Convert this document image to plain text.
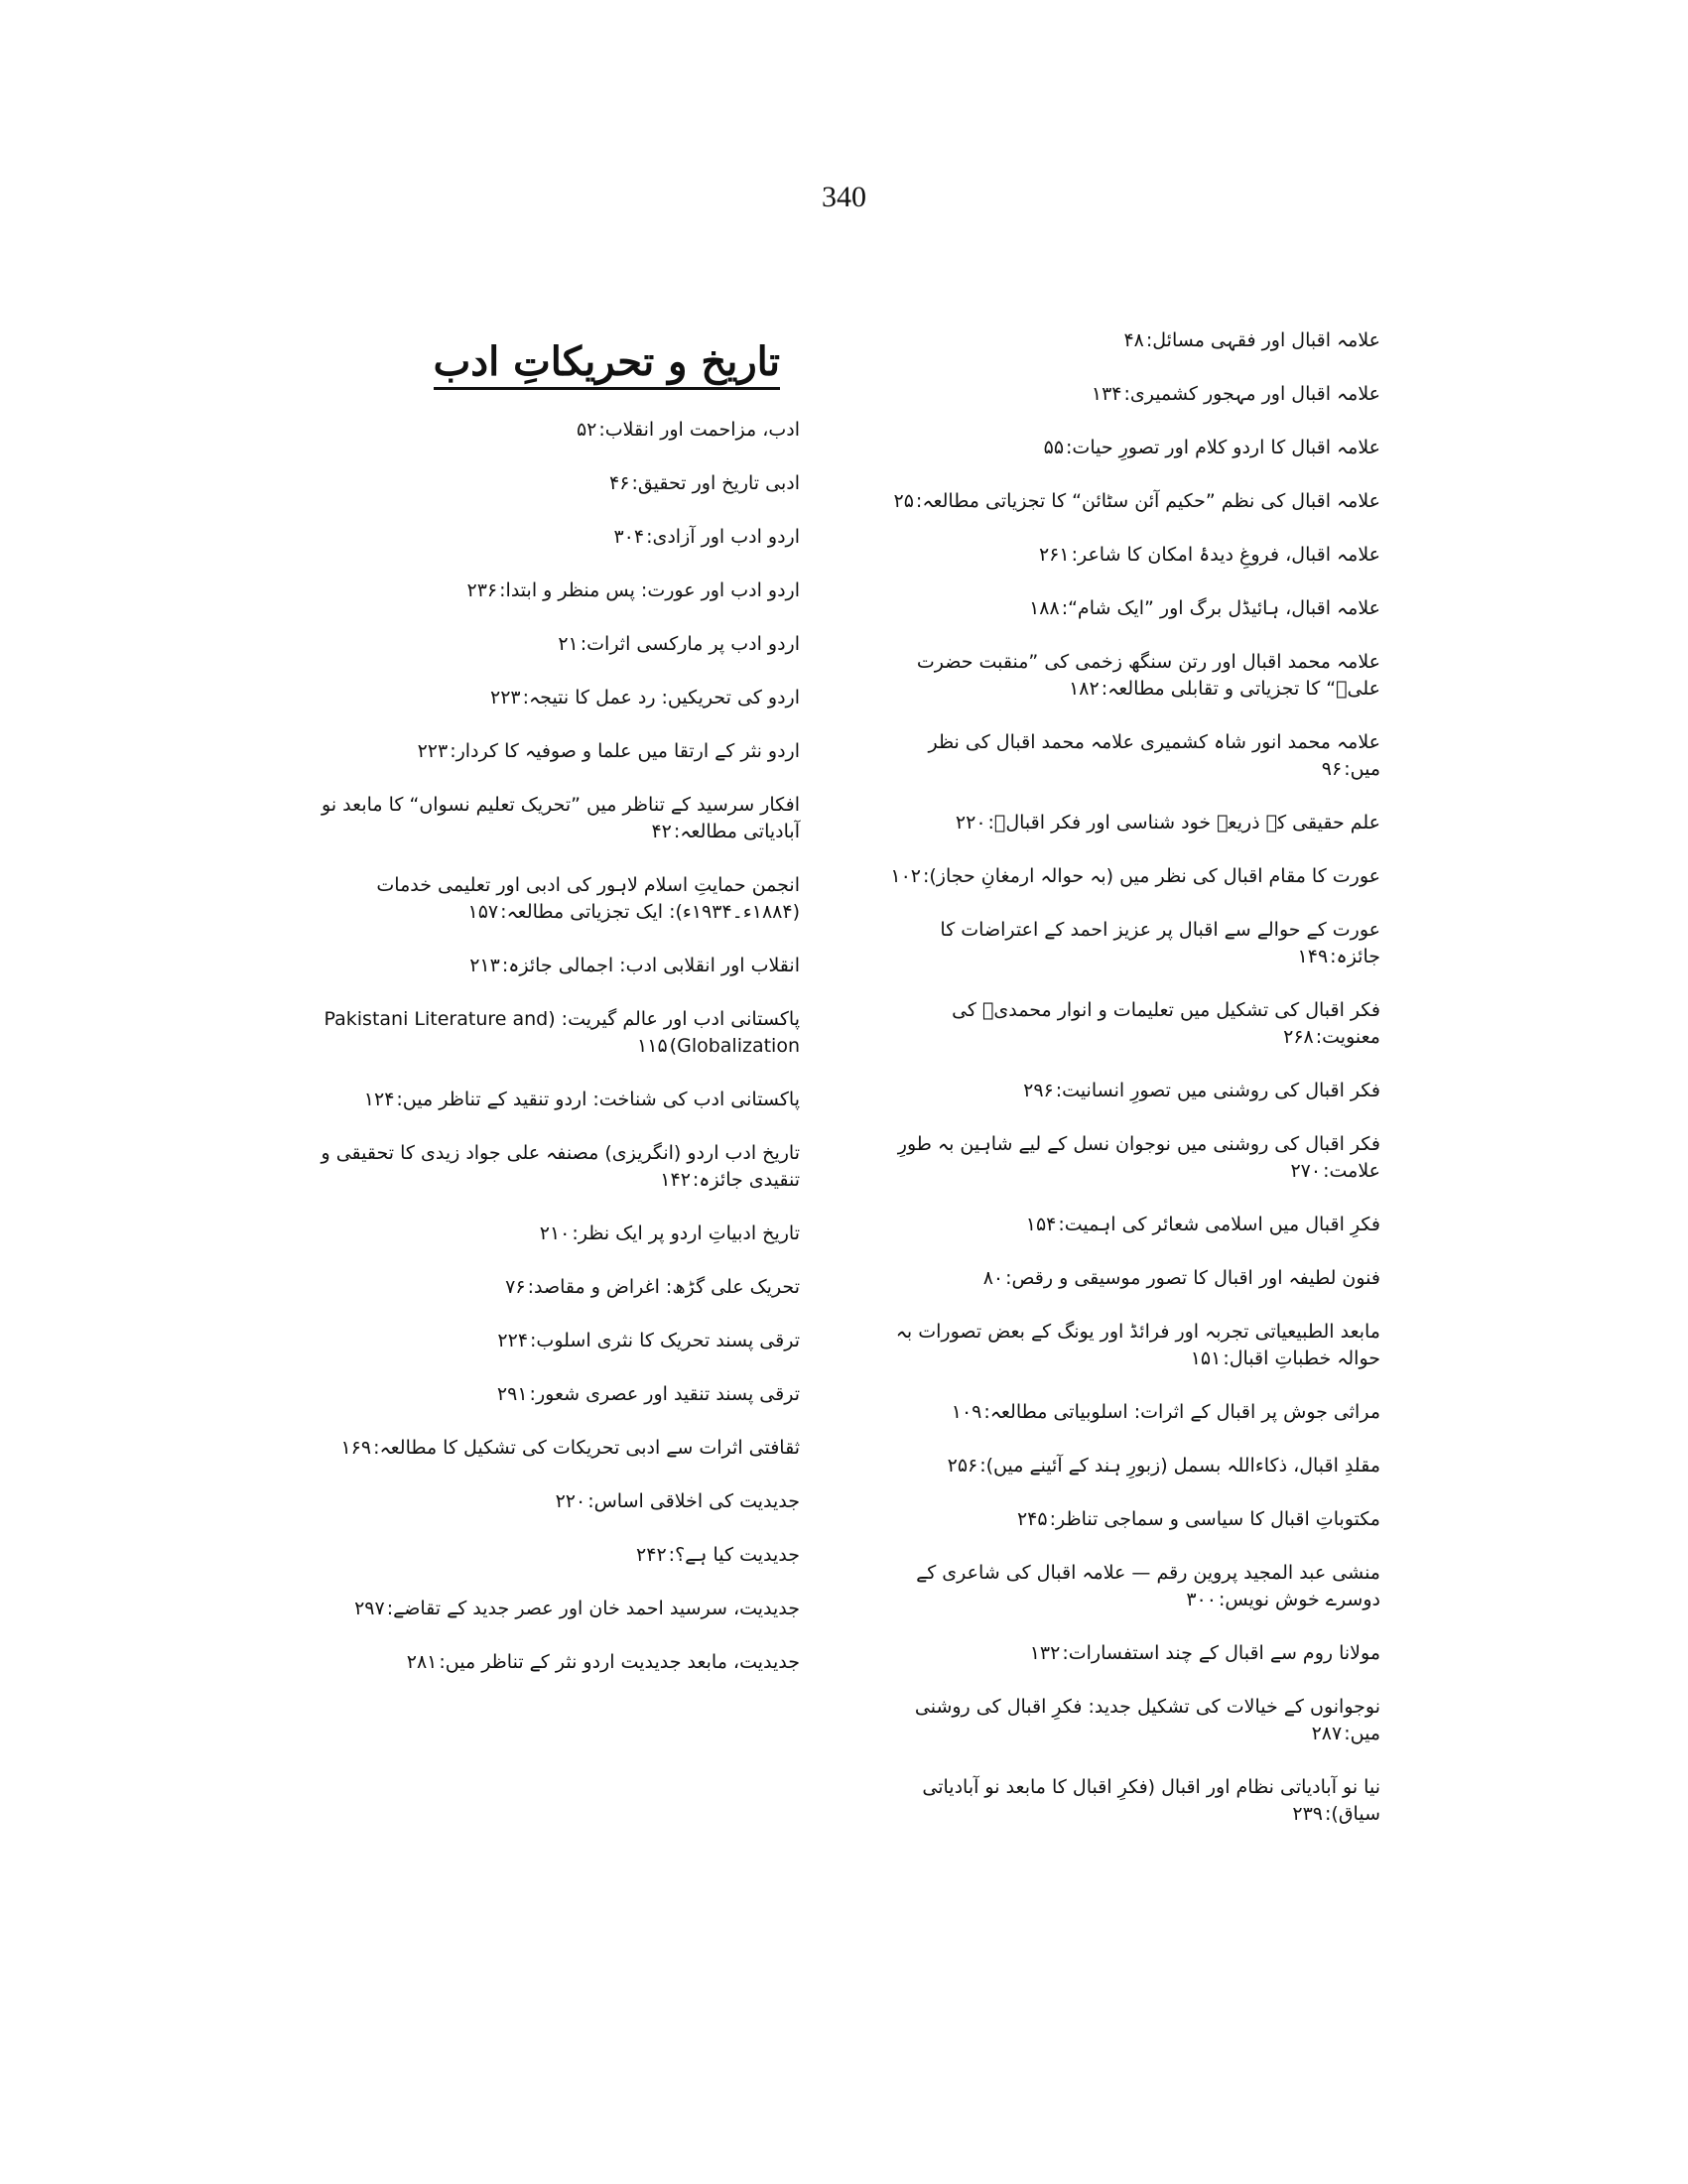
340
علامہ اقبال اور فقہی مسائل:۴۸
علامہ اقبال اور مہجور کشمیری:۱۳۴
علامہ اقبال کا اردو کلام اور تصورِ حیات:۵۵
علامہ اقبال کی نظم ”حکیم آئن سٹائن“ کا تجزیاتی مطالعہ:۲۵
علامہ اقبال، فروغِ دیدۂ امکان کا شاعر:۲۶۱
علامہ اقبال، ہائیڈل برگ اور ”ایک شام“:۱۸۸
علامہ محمد اقبال اور رتن سنگھ زخمی کی ”منقبت حضرت علیؓ“ کا تجزیاتی و تقابلی مطالعہ:۱۸۲
علامہ محمد انور شاہ کشمیری علامہ محمد اقبال کی نظر میں:۹۶
علم حقیقی کے ذریعے خود شناسی اور فکر اقبالؒ:۲۲۰
عورت کا مقام اقبال کی نظر میں (بہ حوالہ ارمغانِ حجاز):۱۰۲
عورت کے حوالے سے اقبال پر عزیز احمد کے اعتراضات کا جائزہ:۱۴۹
فکر اقبال کی تشکیل میں تعلیمات و انوار محمدیؐ کی معنویت:۲۶۸
فکر اقبال کی روشنی میں تصورِ انسانیت:۲۹۶
فکر اقبال کی روشنی میں نوجوان نسل کے لیے شاہین بہ طورِ علامت:۲۷۰
فکرِ اقبال میں اسلامی شعائر کی اہمیت:۱۵۴
فنون لطیفہ اور اقبال کا تصور موسیقی و رقص:۸۰
مابعد الطبیعیاتی تجربہ اور فرائڈ اور یونگ کے بعض تصورات بہ حوالہ خطباتِ اقبال:۱۵۱
مراثی جوش پر اقبال کے اثرات: اسلوبیاتی مطالعہ:۱۰۹
مقلدِ اقبال، ذکاءاللہ بسمل (زبورِ ہند کے آئینے میں):۲۵۶
مکتوباتِ اقبال کا سیاسی و سماجی تناظر:۲۴۵
منشی عبد المجید پروین رقم — علامہ اقبال کی شاعری کے دوسرے خوش نویس:۳۰۰
مولانا روم سے اقبال کے چند استفسارات:۱۳۲
نوجوانوں کے خیالات کی تشکیل جدید: فکرِ اقبال کی روشنی میں:۲۸۷
نیا نو آبادیاتی نظام اور اقبال (فکرِ اقبال کا مابعد نو آبادیاتی سیاق):۲۳۹
تاریخ و تحریکاتِ ادب
ادب، مزاحمت اور انقلاب:۵۲
ادبی تاریخ اور تحقیق:۴۶
اردو ادب اور آزادی:۳۰۴
اردو ادب اور عورت: پس منظر و ابتدا:۲۳۶
اردو ادب پر مارکسی اثرات:۲۱
اردو کی تحریکیں: رد عمل کا نتیجہ:۲۲۳
اردو نثر کے ارتقا میں علما و صوفیہ کا کردار:۲۲۳
افکار سرسید کے تناظر میں ”تحریک تعلیم نسواں“ کا مابعد نو آبادیاتی مطالعہ:۴۲
انجمن حمایتِ اسلام لاہور کی ادبی اور تعلیمی خدمات (۱۸۸۴ء۔۱۹۳۴ء): ایک تجزیاتی مطالعہ:۱۵۷
انقلاب اور انقلابی ادب: اجمالی جائزہ:۲۱۳
پاکستانی ادب اور عالم گیریت: (Pakistani Literature and Globalization)۱۱۵
پاکستانی ادب کی شناخت: اردو تنقید کے تناظر میں:۱۲۴
تاریخ ادب اردو (انگریزی) مصنفہ علی جواد زیدی کا تحقیقی و تنقیدی جائزہ:۱۴۲
تاریخ ادبیاتِ اردو پر ایک نظر:۲۱۰
تحریک علی گڑھ: اغراض و مقاصد:۷۶
ترقی پسند تحریک کا نثری اسلوب:۲۲۴
ترقی پسند تنقید اور عصری شعور:۲۹۱
ثقافتی اثرات سے ادبی تحریکات کی تشکیل کا مطالعہ:۱۶۹
جدیدیت کی اخلاقی اساس:۲۲۰
جدیدیت کیا ہے؟:۲۴۲
جدیدیت، سرسید احمد خان اور عصر جدید کے تقاضے:۲۹۷
جدیدیت، مابعد جدیدیت اردو نثر کے تناظر میں:۲۸۱
